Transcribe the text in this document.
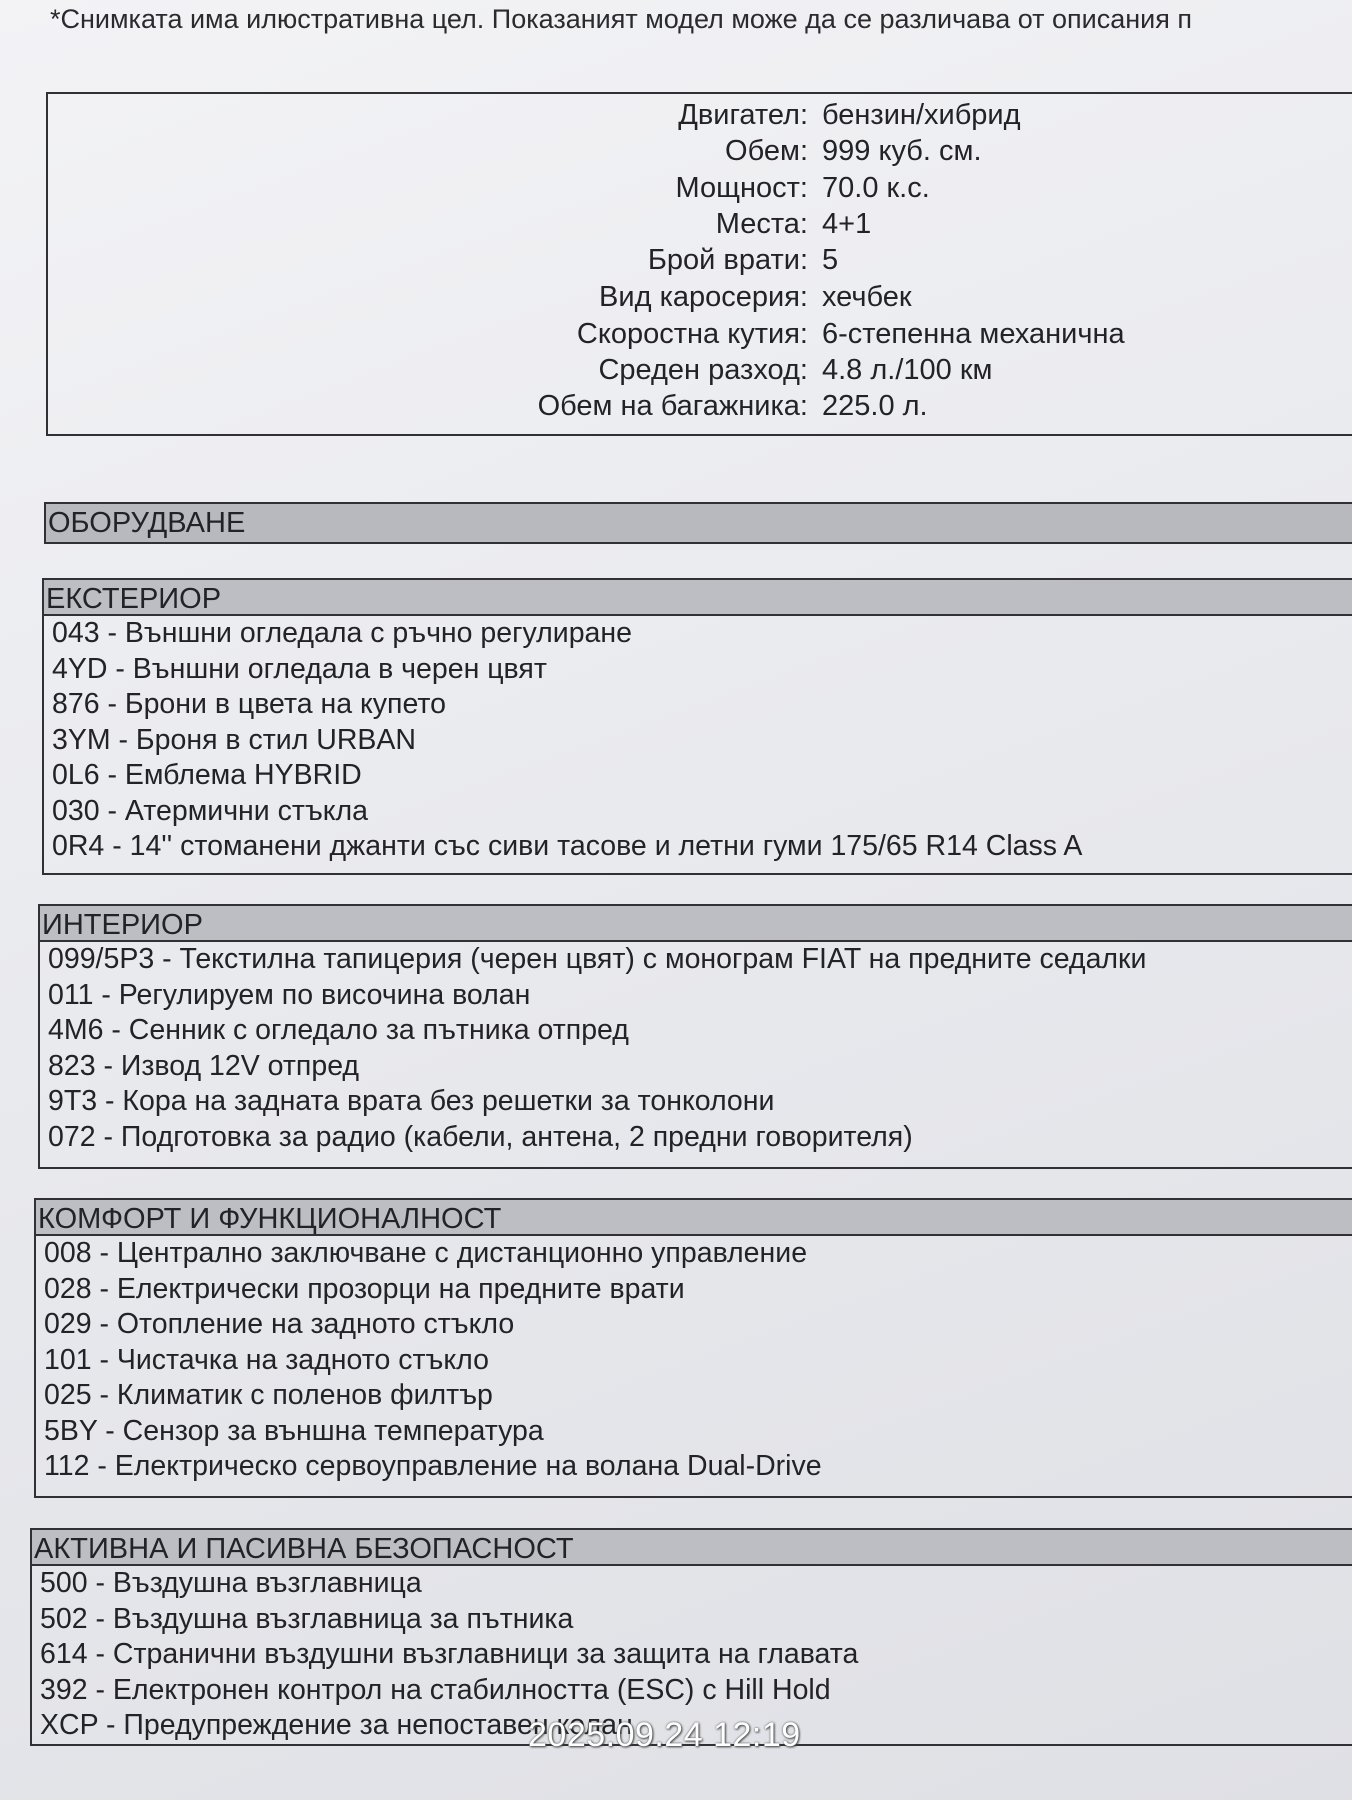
*Снимката има илюстративна цел. Показаният модел може да се различава от описания п
Двигател: бензин/хибрид
Обем: 999 куб. см.
Мощност: 70.0 к.с.
Места: 4+1
Брой врати: 5
Вид каросерия: хечбек
Скоростна кутия: 6-степенна механична
Среден разход: 4.8 л./100 км
Обем на багажника: 225.0 л.
ОБОРУДВАНЕ
ЕКСТЕРИОР
043 - Външни огледала с ръчно регулиране
4YD - Външни огледала в черен цвят
876 - Брони в цвета на купето
3YM - Броня в стил URBAN
0L6 - Емблема HYBRID
030 - Атермични стъкла
0R4 - 14'' стоманени джанти със сиви тасове и летни гуми 175/65 R14 Class A
ИНТЕРИОР
099/5P3 - Текстилна тапицерия (черен цвят) с монограм FIAT на предните седалки
011 - Регулируем по височина волан
4M6 - Сенник с огледало за пътника отпред
823 - Извод 12V отпред
9T3 - Кора на задната врата без решетки за тонколони
072 - Подготовка за радио (кабели, антена, 2 предни говорителя)
КОМФОРТ И ФУНКЦИОНАЛНОСТ
008 - Централно заключване с дистанционно управление
028 - Електрически прозорци на предните врати
029 - Отопление на задното стъкло
101 - Чистачка на задното стъкло
025 - Климатик с поленов филтър
5BY - Сензор за външна температура
112 - Електрическо сервоуправление на волана Dual-Drive
АКТИВНА И ПАСИВНА БЕЗОПАСНОСТ
500 - Въздушна възглавница
502 - Въздушна възглавница за пътника
614 - Странични въздушни възглавници за защита на главата
392 - Електронен контрол на стабилността (ESC) с Hill Hold
XCP - Предупреждение за непоставен колан
2025.09.24 12:19
